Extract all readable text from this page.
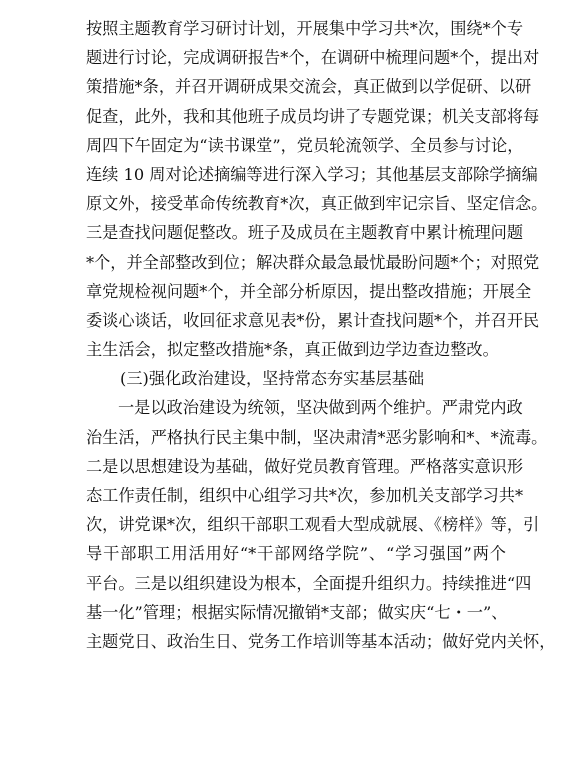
按照主题教育学习研讨计划，开展集中学习共*次，围绕*个专
题进行讨论，完成调研报告*个，在调研中梳理问题*个，提出对
策措施*条，并召开调研成果交流会，真正做到以学促研、以研
促查，此外，我和其他班子成员均讲了专题党课；机关支部将每
周四下午固定为“读书课堂”，党员轮流领学、全员参与讨论，
连续 10 周对论述摘编等进行深入学习；其他基层支部除学摘编
原文外，接受革命传统教育*次，真正做到牢记宗旨、坚定信念。
三是查找问题促整改。班子及成员在主题教育中累计梳理问题
*个，并全部整改到位；解决群众最急最忧最盼问题*个；对照党
章党规检视问题*个，并全部分析原因，提出整改措施；开展全
委谈心谈话，收回征求意见表*份，累计查找问题*个，并召开民
主生活会，拟定整改措施*条，真正做到边学边查边整改。
(三)强化政治建设，坚持常态夯实基层基础
一是以政治建设为统领，坚决做到两个维护。严肃党内政
治生活，严格执行民主集中制，坚决肃清*恶劣影响和*、*流毒。
二是以思想建设为基础，做好党员教育管理。严格落实意识形
态工作责任制，组织中心组学习共*次，参加机关支部学习共*
次，讲党课*次，组织干部职工观看大型成就展、《榜样》等，引
导干部职工用活用好“*干部网络学院”、“学习强国”两个
平台。三是以组织建设为根本，全面提升组织力。持续推进“四
基一化”管理；根据实际情况撤销*支部；做实庆“七・一”、
主题党日、政治生日、党务工作培训等基本活动；做好党内关怀，
